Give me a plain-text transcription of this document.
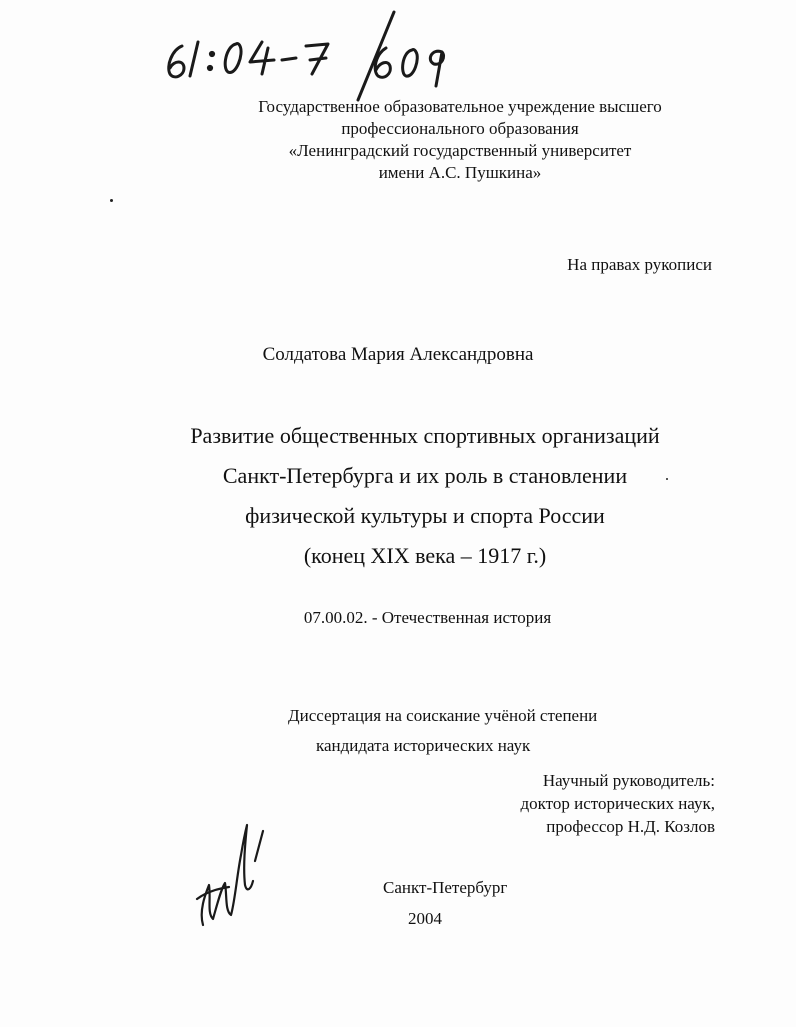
Государственное образовательное учреждение высшего
профессионального образования
«Ленинградский государственный университет
имени А.С. Пушкина»
На правах рукописи
Солдатова Мария Александровна
Развитие общественных спортивных организаций
Санкт-Петербурга и их роль в становлении
физической культуры и спорта России
(конец XIX века – 1917 г.)
07.00.02. - Отечественная история
Диссертация на соискание учёной степени
кандидата исторических наук
Научный руководитель:
доктор исторических наук,
профессор Н.Д. Козлов
Санкт-Петербург
2004
